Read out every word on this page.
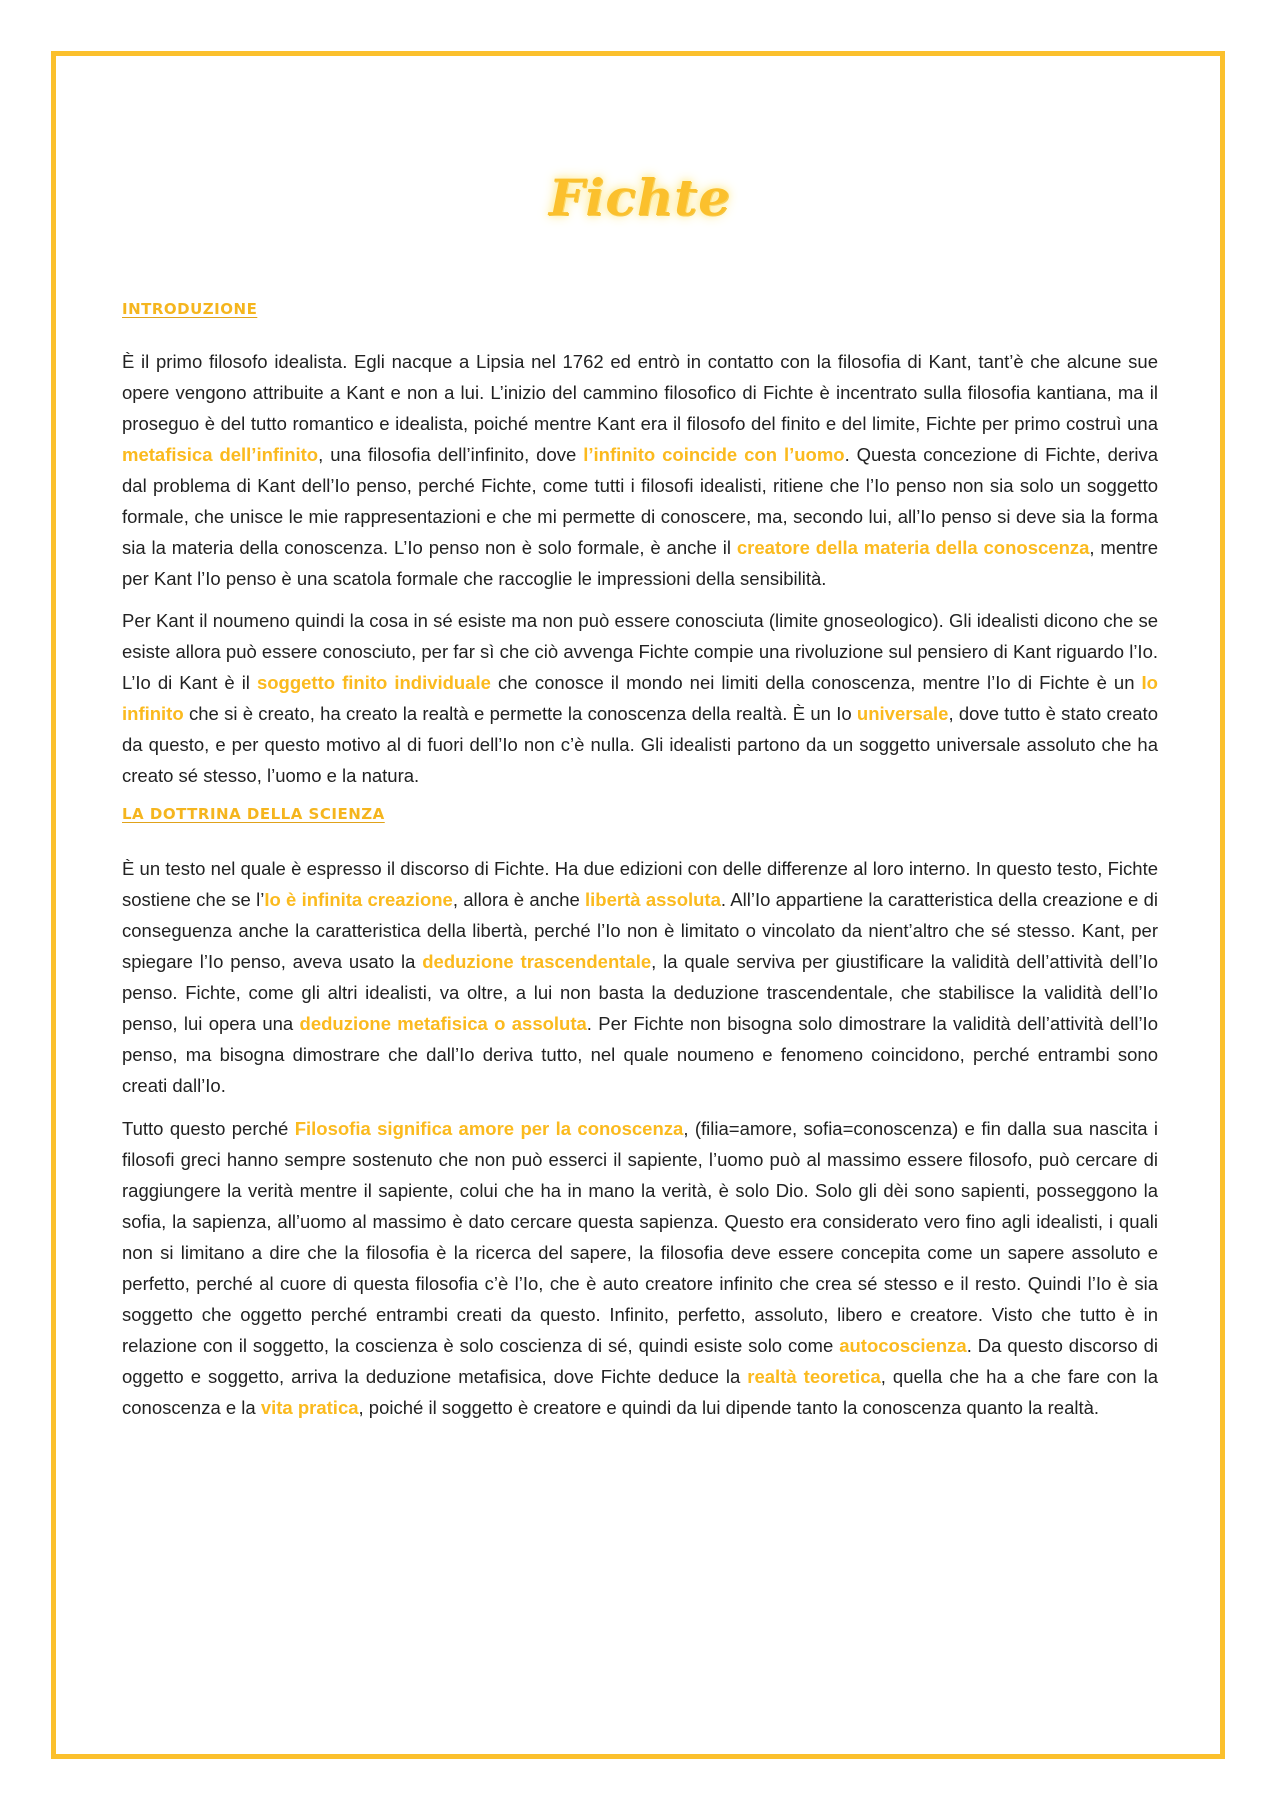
Fichte
INTRODUZIONE

È il primo filosofo idealista. Egli nacque a Lipsia nel 1762 ed entrò in contatto con la filosofia di Kant, tant’è che alcune sue opere vengono attribuite a Kant e non a lui. L’inizio del cammino filosofico di Fichte è incentrato sulla filosofia kantiana, ma il proseguo è del tutto romantico e idealista, poiché mentre Kant era il filosofo del finito e del limite, Fichte per primo costruì una metafisica dell’infinito, una filosofia dell’infinito, dove l’infinito coincide con l’uomo. Questa concezione di Fichte, deriva dal problema di Kant dell’Io penso, perché Fichte, come tutti i filosofi idealisti, ritiene che l’Io penso non sia solo un soggetto formale, che unisce le mie rappresentazioni e che mi permette di conoscere, ma, secondo lui, all’Io penso si deve sia la forma sia la materia della conoscenza. L’Io penso non è solo formale, è anche il creatore della materia della conoscenza, mentre per Kant l’Io penso è una scatola formale che raccoglie le impressioni della sensibilità.

Per Kant il noumeno quindi la cosa in sé esiste ma non può essere conosciuta (limite gnoseologico). Gli idealisti dicono che se esiste allora può essere conosciuto, per far sì che ciò avvenga Fichte compie una rivoluzione sul pensiero di Kant riguardo l’Io. L’Io di Kant è il soggetto finito individuale che conosce il mondo nei limiti della conoscenza, mentre l’Io di Fichte è un Io infinito che si è creato, ha creato la realtà e permette la conoscenza della realtà. È un Io universale, dove tutto è stato creato da questo, e per questo motivo al di fuori dell’Io non c’è nulla. Gli idealisti partono da un soggetto universale assoluto che ha creato sé stesso, l’uomo e la natura.

LA DOTTRINA DELLA SCIENZA

È un testo nel quale è espresso il discorso di Fichte. Ha due edizioni con delle differenze al loro interno. In questo testo, Fichte sostiene che se l’Io è infinita creazione, allora è anche libertà assoluta. All’Io appartiene la caratteristica della creazione e di conseguenza anche la caratteristica della libertà, perché l’Io non è limitato o vincolato da nient’altro che sé stesso. Kant, per spiegare l’Io penso, aveva usato la deduzione trascendentale, la quale serviva per giustificare la validità dell’attività dell’Io penso. Fichte, come gli altri idealisti, va oltre, a lui non basta la deduzione trascendentale, che stabilisce la validità dell’Io penso, lui opera una deduzione metafisica o assoluta. Per Fichte non bisogna solo dimostrare la validità dell’attività dell’Io penso, ma bisogna dimostrare che dall’Io deriva tutto, nel quale noumeno e fenomeno coincidono, perché entrambi sono creati dall’Io.

Tutto questo perché Filosofia significa amore per la conoscenza, (filia=amore, sofia=conoscenza) e fin dalla sua nascita i filosofi greci hanno sempre sostenuto che non può esserci il sapiente, l’uomo può al massimo essere filosofo, può cercare di raggiungere la verità mentre il sapiente, colui che ha in mano la verità, è solo Dio. Solo gli dèi sono sapienti, posseggono la sofia, la sapienza, all’uomo al massimo è dato cercare questa sapienza. Questo era considerato vero fino agli idealisti, i quali non si limitano a dire che la filosofia è la ricerca del sapere, la filosofia deve essere concepita come un sapere assoluto e perfetto, perché al cuore di questa filosofia c’è l’Io, che è auto creatore infinito che crea sé stesso e il resto. Quindi l’Io è sia soggetto che oggetto perché entrambi creati da questo. Infinito, perfetto, assoluto, libero e creatore. Visto che tutto è in relazione con il soggetto, la coscienza è solo coscienza di sé, quindi esiste solo come autocoscienza. Da questo discorso di oggetto e soggetto, arriva la deduzione metafisica, dove Fichte deduce la realtà teoretica, quella che ha a che fare con la conoscenza e la vita pratica, poiché il soggetto è creatore e quindi da lui dipende tanto la conoscenza quanto la realtà.
